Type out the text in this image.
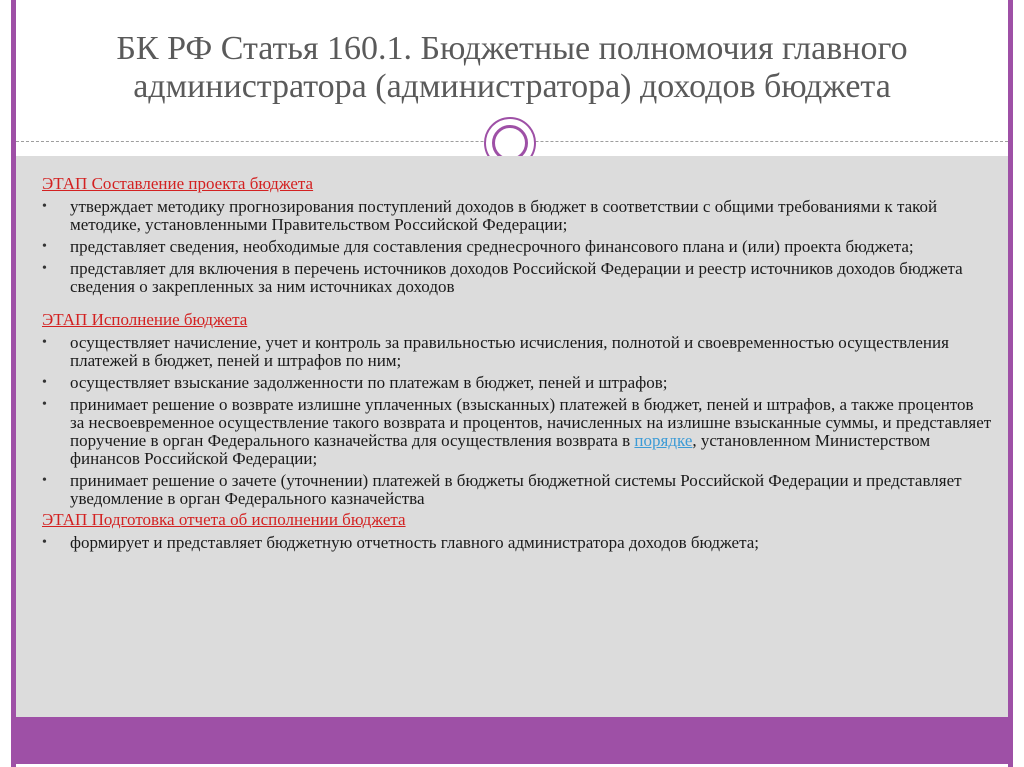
БК РФ Статья 160.1. Бюджетные полномочия главного
администратора (администратора) доходов бюджета
ЭТАП Составление проекта бюджета
• утверждает методику прогнозирования поступлений доходов в бюджет в соответствии с общими требованиями к такой методике, установленными Правительством Российской Федерации;
• представляет сведения, необходимые для составления среднесрочного финансового плана и (или) проекта бюджета;
• представляет для включения в перечень источников доходов Российской Федерации и реестр источников доходов бюджета сведения о закрепленных за ним источниках доходов
ЭТАП Исполнение бюджета
• осуществляет начисление, учет и контроль за правильностью исчисления, полнотой и своевременностью осуществления платежей в бюджет, пеней и штрафов по ним;
• осуществляет взыскание задолженности по платежам в бюджет, пеней и штрафов;
• принимает решение о возврате излишне уплаченных (взысканных) платежей в бюджет, пеней и штрафов, а также процентов за несвоевременное осуществление такого возврата и процентов, начисленных на излишне взысканные суммы, и представляет поручение в орган Федерального казначейства для осуществления возврата в порядке, установленном Министерством финансов Российской Федерации;
• принимает решение о зачете (уточнении) платежей в бюджеты бюджетной системы Российской Федерации и представляет уведомление в орган Федерального казначейства
ЭТАП Подготовка отчета об исполнении бюджета
• формирует и представляет бюджетную отчетность главного администратора доходов бюджета;
